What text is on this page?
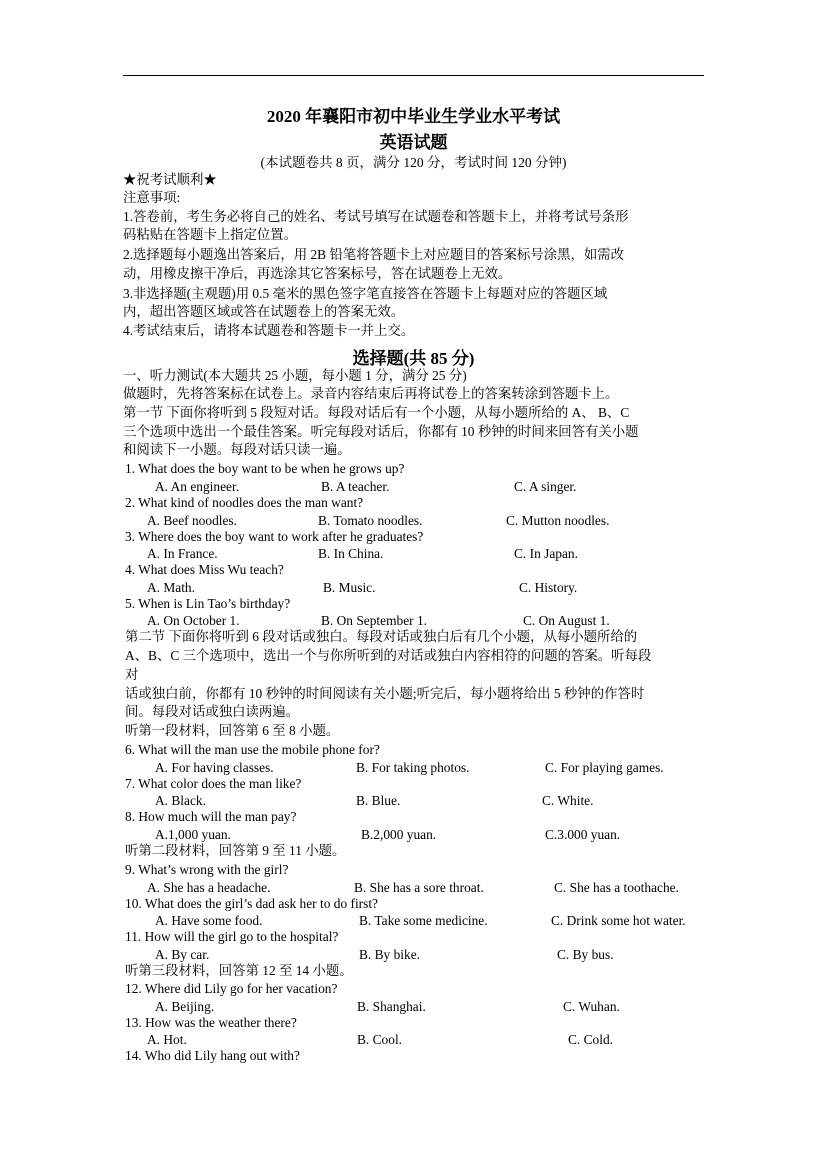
2020 年襄阳市初中毕业生学业水平考试
英语试题
(本试题卷共 8 页，满分 120 分，考试时间 120 分钟)
★祝考试顺利★
注意事项:
1.答卷前，考生务必将自己的姓名、考试号填写在试题卷和答题卡上，并将考试号条形
码粘贴在答题卡上指定位置。
2.选择题每小题逸出答案后，用 2B 铅笔将答题卡上对应题目的答案标号涂黑，如需改
动，用橡皮擦干净后，再选涂其它答案标号，答在试题卷上无效。
3.非选择题(主观题)用 0.5 毫米的黑色签字笔直接答在答题卡上每题对应的答题区域
内，超出答题区域或答在试题卷上的答案无效。
4.考试结束后，请将本试题卷和答题卡一并上交。
选择题(共 85 分)
一、听力测试(本大题共 25 小题，每小题 1 分，满分 25 分)
做题时，先将答案标在试卷上。录音内容结束后再将试卷上的答案转涂到答题卡上。
第一节 下面你将听到 5 段短对话。每段对话后有一个小题，从每小题所给的 A、 B、C
三个选项中选出一个最佳答案。听完每段对话后，你都有 10 秒钟的时间来回答有关小题
和阅读下一小题。每段对话只读一遍。
1. What does the boy want to be when he grows up?
A. An engineer.	B. A teacher.	C. A singer.
2. What kind of noodles does the man want?
A. Beef noodles.	B. Tomato noodles.	C. Mutton noodles.
3. Where does the boy want to work after he graduates?
A. In France.	B. In China.	C. In Japan.
4. What does Miss Wu teach?
A. Math.	B. Music.	C. History.
5. When is Lin Tao’s birthday?
A. On October 1.	B. On September 1.	C. On August 1.
第二节 下面你将听到 6 段对话或独白。每段对话或独白后有几个小题，从每小题所给的
A、B、C 三个选项中，选出一个与你所听到的对话或独白内容相符的问题的答案。听每段
对
话或独白前，你都有 10 秒钟的时间阅读有关小题;听完后，每小题将给出 5 秒钟的作答时
间。每段对话或独白读两遍。
听第一段材料，回答第 6 至 8 小题。
6. What will the man use the mobile phone for?
A. For having classes.	B. For taking photos.	C. For playing games.
7. What color does the man like?
A. Black.	B. Blue.	C. White.
8. How much will the man pay?
A.1,000 yuan.	B.2,000 yuan.	C.3.000 yuan.
听第二段材料，回答第 9 至 11 小题。
9. What’s wrong with the girl?
A. She has a headache.	B. She has a sore throat.	C. She has a toothache.
10. What does the girl’s dad ask her to do first?
A. Have some food.	B. Take some medicine.	C. Drink some hot water.
11. How will the girl go to the hospital?
A. By car.	B. By bike.	C. By bus.
听第三段材料，回答第 12 至 14 小题。
12. Where did Lily go for her vacation?
A. Beijing.	B. Shanghai.	C. Wuhan.
13. How was the weather there?
A. Hot.	B. Cool.	C. Cold.
14. Who did Lily hang out with?
